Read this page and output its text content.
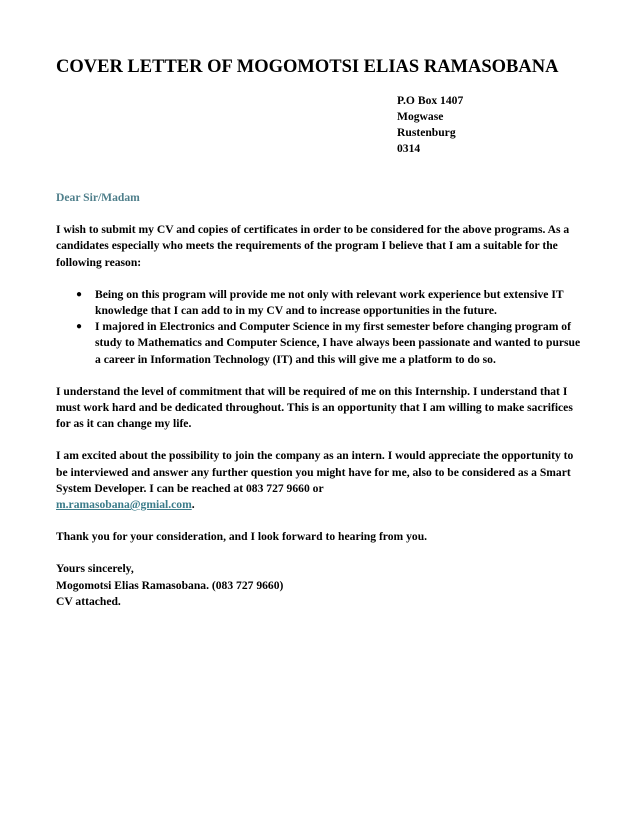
COVER LETTER OF MOGOMOTSI ELIAS RAMASOBANA
P.O Box 1407
Mogwase
Rustenburg
0314
Dear Sir/Madam

I wish to submit my CV and copies of certificates in order to be considered for the above programs. As a candidates especially who meets the requirements of the program I believe that I am a suitable for the following reason:

● Being on this program will provide me not only with relevant work experience but extensive IT knowledge that I can add to in my CV and to increase opportunities in the future.
● I majored in Electronics and Computer Science in my first semester before changing program of study to Mathematics and Computer Science, I have always been passionate and wanted to pursue a career in Information Technology (IT) and this will give me a platform to do so.

I understand the level of commitment that will be required of me on this Internship. I understand that I must work hard and be dedicated throughout. This is an opportunity that I am willing to make sacrifices for as it can change my life.

I am excited about the possibility to join the company as an intern. I would appreciate the opportunity to be interviewed and answer any further question you might have for me, also to be considered as a Smart System Developer. I can be reached at 083 727 9660 or
m.ramasobana@gmial.com.

Thank you for your consideration, and I look forward to hearing from you.

Yours sincerely,
Mogomotsi Elias Ramasobana. (083 727 9660)
CV attached.
